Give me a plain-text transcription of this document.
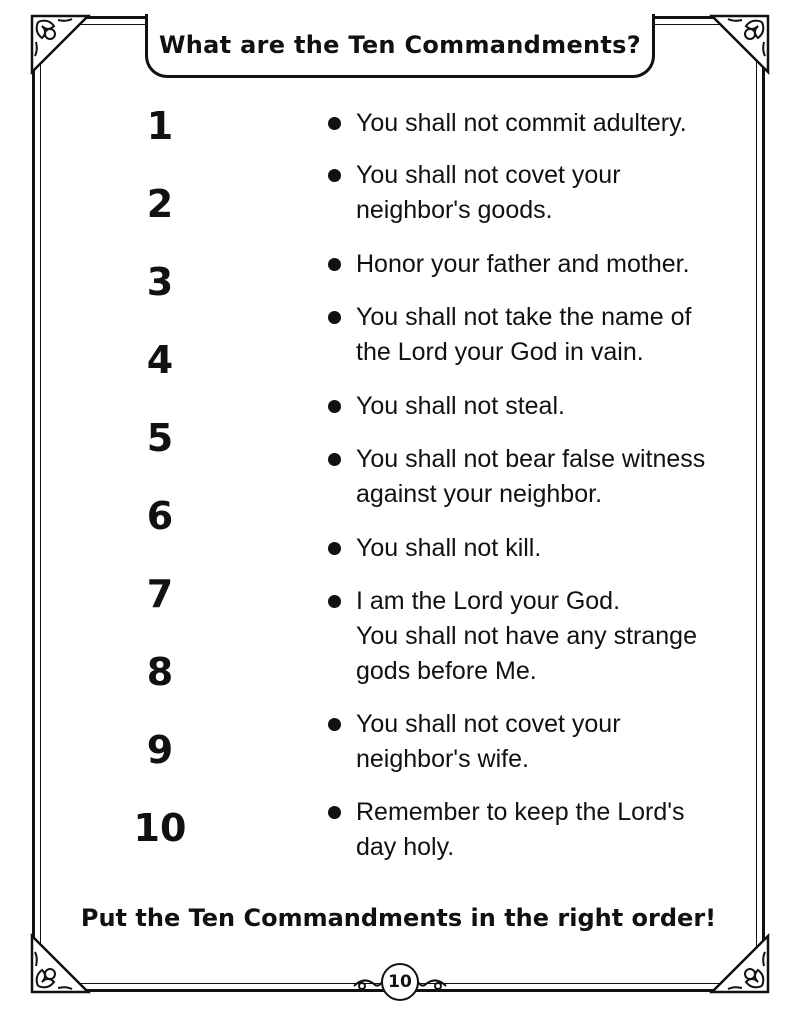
What are the Ten Commandments?
1
2
3
4
5
6
7
8
9
10
You shall not commit adultery.
You shall not covet your
neighbor's goods.
Honor your father and mother.
You shall not take the name of
the Lord your God in vain.
You shall not steal.
You shall not bear false witness
against your neighbor.
You shall not kill.
I am the Lord your God.
You shall not have any strange
gods before Me.
You shall not covet your
neighbor's wife.
Remember to keep the Lord's
day holy.
Put the Ten Commandments in the right order!
10
